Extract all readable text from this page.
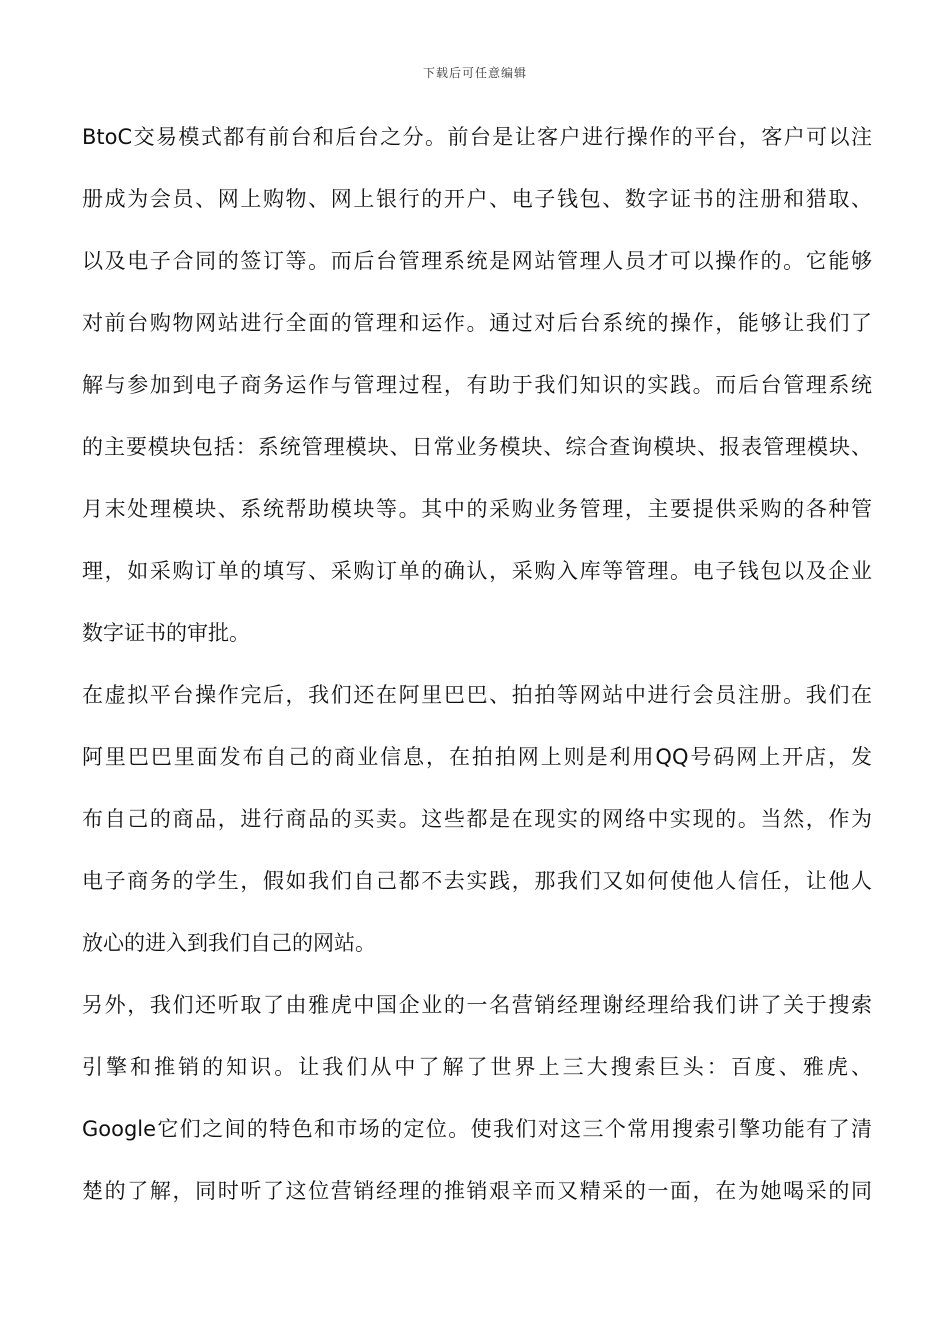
下载后可任意编辑
BtoC交易模式都有前台和后台之分。前台是让客户进行操作的平台，客户可以注
册成为会员、网上购物、网上银行的开户、电子钱包、数字证书的注册和猎取、
以及电子合同的签订等。而后台管理系统是网站管理人员才可以操作的。它能够
对前台购物网站进行全面的管理和运作。通过对后台系统的操作，能够让我们了
解与参加到电子商务运作与管理过程，有助于我们知识的实践。而后台管理系统
的主要模块包括：系统管理模块、日常业务模块、综合查询模块、报表管理模块、
月末处理模块、系统帮助模块等。其中的采购业务管理，主要提供采购的各种管
理，如采购订单的填写、采购订单的确认，采购入库等管理。电子钱包以及企业
数字证书的审批。
在虚拟平台操作完后，我们还在阿里巴巴、拍拍等网站中进行会员注册。我们在
阿里巴巴里面发布自己的商业信息，在拍拍网上则是利用QQ号码网上开店，发
布自己的商品，进行商品的买卖。这些都是在现实的网络中实现的。当然，作为
电子商务的学生，假如我们自己都不去实践，那我们又如何使他人信任，让他人
放心的进入到我们自己的网站。
另外，我们还听取了由雅虎中国企业的一名营销经理谢经理给我们讲了关于搜索
引擎和推销的知识。让我们从中了解了世界上三大搜索巨头：百度、雅虎、
Google它们之间的特色和市场的定位。使我们对这三个常用搜索引擎功能有了清
楚的了解，同时听了这位营销经理的推销艰辛而又精采的一面，在为她喝采的同
